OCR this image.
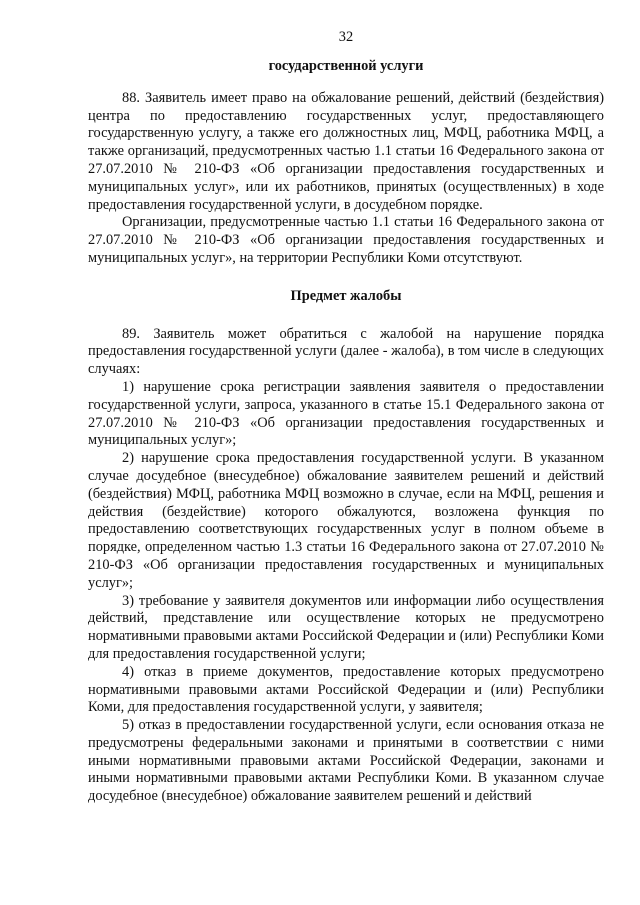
32
государственной услуги

88. Заявитель имеет право на обжалование решений, действий (бездействия) центра по предоставлению государственных услуг, предоставляющего государственную услугу, а также его должностных лиц, МФЦ, работника МФЦ, а также организаций, предусмотренных частью 1.1 статьи 16 Федерального закона от 27.07.2010 № 210-ФЗ «Об организации предоставления государственных и муниципальных услуг», или их работников, принятых (осуществленных) в ходе предоставления государственной услуги, в досудебном порядке.

Организации, предусмотренные частью 1.1 статьи 16 Федерального закона от 27.07.2010 № 210-ФЗ «Об организации предоставления государственных и муниципальных услуг», на территории Республики Коми отсутствуют.

Предмет жалобы

89. Заявитель может обратиться с жалобой на нарушение порядка предоставления государственной услуги (далее - жалоба), в том числе в следующих случаях:

1) нарушение срока регистрации заявления заявителя о предоставлении государственной услуги, запроса, указанного в статье 15.1 Федерального закона от 27.07.2010 № 210-ФЗ «Об организации предоставления государственных и муниципальных услуг»;

2) нарушение срока предоставления государственной услуги. В указанном случае досудебное (внесудебное) обжалование заявителем решений и действий (бездействия) МФЦ, работника МФЦ возможно в случае, если на МФЦ, решения и действия (бездействие) которого обжалуются, возложена функция по предоставлению соответствующих государственных услуг в полном объеме в порядке, определенном частью 1.3 статьи 16 Федерального закона от 27.07.2010 № 210-ФЗ «Об организации предоставления государственных и муниципальных услуг»;

3) требование у заявителя документов или информации либо осуществления действий, представление или осуществление которых не предусмотрено нормативными правовыми актами Российской Федерации и (или) Республики Коми для предоставления государственной услуги;

4) отказ в приеме документов, предоставление которых предусмотрено нормативными правовыми актами Российской Федерации и (или) Республики Коми, для предоставления государственной услуги, у заявителя;

5) отказ в предоставлении государственной услуги, если основания отказа не предусмотрены федеральными законами и принятыми в соответствии с ними иными нормативными правовыми актами Российской Федерации, законами и иными нормативными правовыми актами Республики Коми. В указанном случае досудебное (внесудебное) обжалование заявителем решений и действий
